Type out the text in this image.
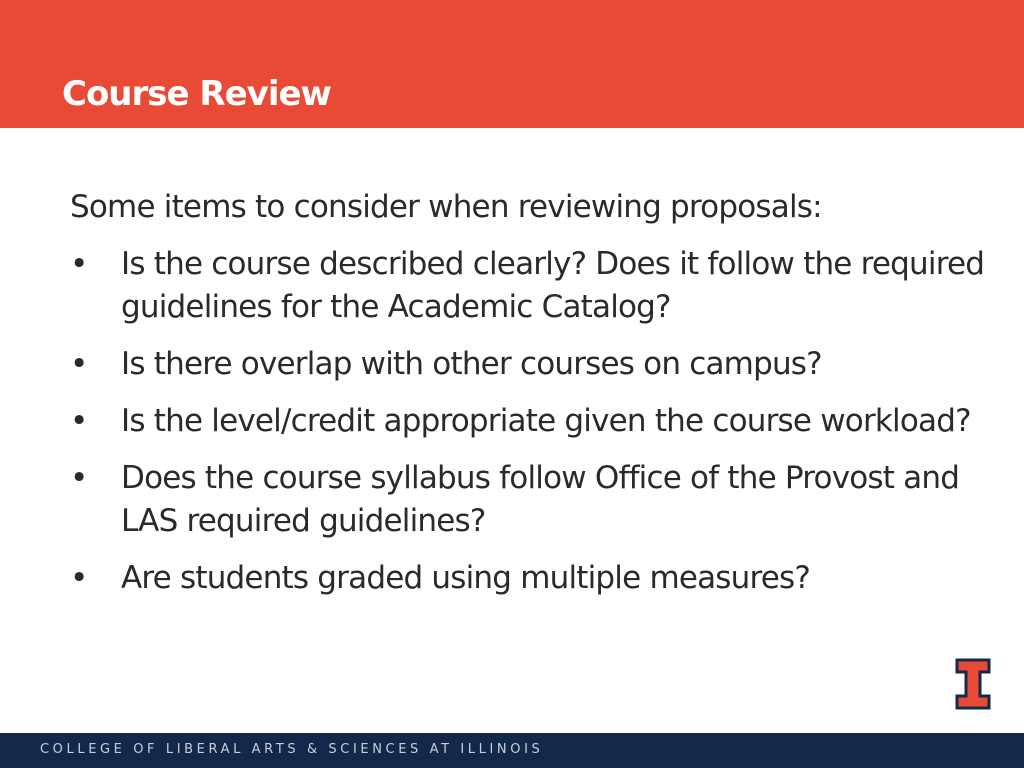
Course Review

Some items to consider when reviewing proposals:

• Is the course described clearly? Does it follow the required guidelines for the Academic Catalog?
• Is there overlap with other courses on campus?
• Is the level/credit appropriate given the course workload?
• Does the course syllabus follow Office of the Provost and LAS required guidelines?
• Are students graded using multiple measures?
COLLEGE OF LIBERAL ARTS & SCIENCES AT ILLINOIS
